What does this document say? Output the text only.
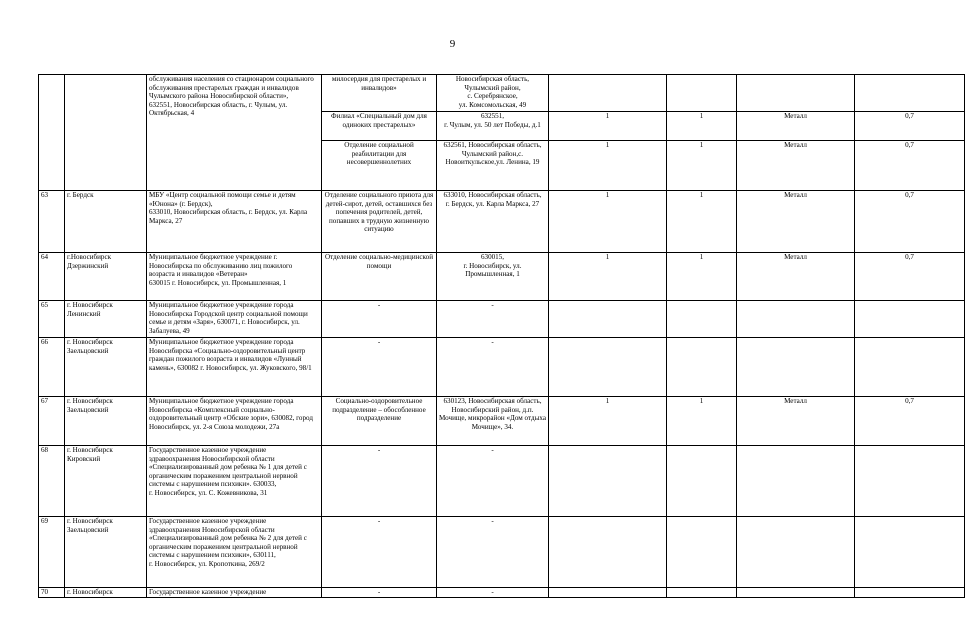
9
		обслуживания населения со стационаром социального обслуживания престарелых граждан и инвалидов Чулымского района Новосибирской области»,
632551, Новосибирская область, г. Чулым, ул. Октябрьская, 4	милосердия для престарелых и инвалидов»	Новосибирская область, Чулымский район,
с. Серебрянское,
ул. Комсомольская, 49				
			Филиал «Специальный дом для одиноких престарелых»	632551,
г. Чулым, ул. 50 лет Победы, д.1	1	1	Металл	0,7
			Отделение социальной реабилитации для несовершеннолетних	632561, Новосибирская область, Чулымский район,с. Новоиткульское,ул. Ленина, 19	1	1	Металл	0,7
63	г. Бердск	МБУ «Центр социальной помощи семье и детям «Юнона» (г. Бердск),
633010, Новосибирская область, г. Бердск, ул. Карла Маркса, 27	Отделение социального приюта для детей-сирот, детей, оставшихся без попечения родителей, детей, попавших в трудную жизненную ситуацию	633010, Новосибирская область,
г. Бердск, ул. Карла Маркса, 27	1	1	Металл	0,7
64	г.Новосибирск Дзержинский	Муниципальное бюджетное учреждение г. Новосибирска по обслуживанию лиц пожилого возраста и инвалидов «Ветеран»
630015 г. Новосибирск, ул. Промышленная, 1	Отделение социально-медицинской помощи	630015,
г. Новосибирск, ул. Промышленная, 1	1	1	Металл	0,7
65	г. Новосибирск Ленинский	Муниципальное бюджетное учреждение города Новосибирска Городской центр социальной помощи семье и детям «Заря», 630071, г. Новосибирск, ул. Забалуева, 49	-	-				
66	г. Новосибирск Заельцовский	Муниципальное бюджетное учреждение города Новосибирска «Социально-оздоровительный центр граждан пожилого возраста и инвалидов «Лунный камень», 630082 г. Новосибирск, ул. Жуковского, 98/1	-	-				
67	г. Новосибирск Заельцовский	Муниципальное бюджетное учреждение города Новосибирска «Комплексный социально-оздоровительный центр «Обские зори», 630082, город Новосибирск, ул. 2-я Союза молодежи, 27а	Социально-оздоровительное подразделение – обособленное подразделение	630123, Новосибирская область, Новосибирский район, д.п. Мочище, микрорайон «Дом отдыха Мочище», 34.	1	1	Металл	0,7
68	г. Новосибирск Кировский	Государственное казенное учреждение здравоохранения Новосибирской области «Специализированный дом ребенка № 1 для детей с органическим поражением центральной нервной системы с нарушением психики». 630033,
г. Новосибирск, ул. С. Кожевникова, 31	-	-				
69	г. Новосибирск Заельцовский	Государственное казенное учреждение здравоохранения Новосибирской области «Специализированный дом ребенка № 2 для детей с органическим поражением центральной нервной системы с нарушением психики», 630111,
г. Новосибирск, ул. Кропоткина, 269/2	-	-				
70	г. Новосибирск	Государственное казенное учреждение	-	-				
